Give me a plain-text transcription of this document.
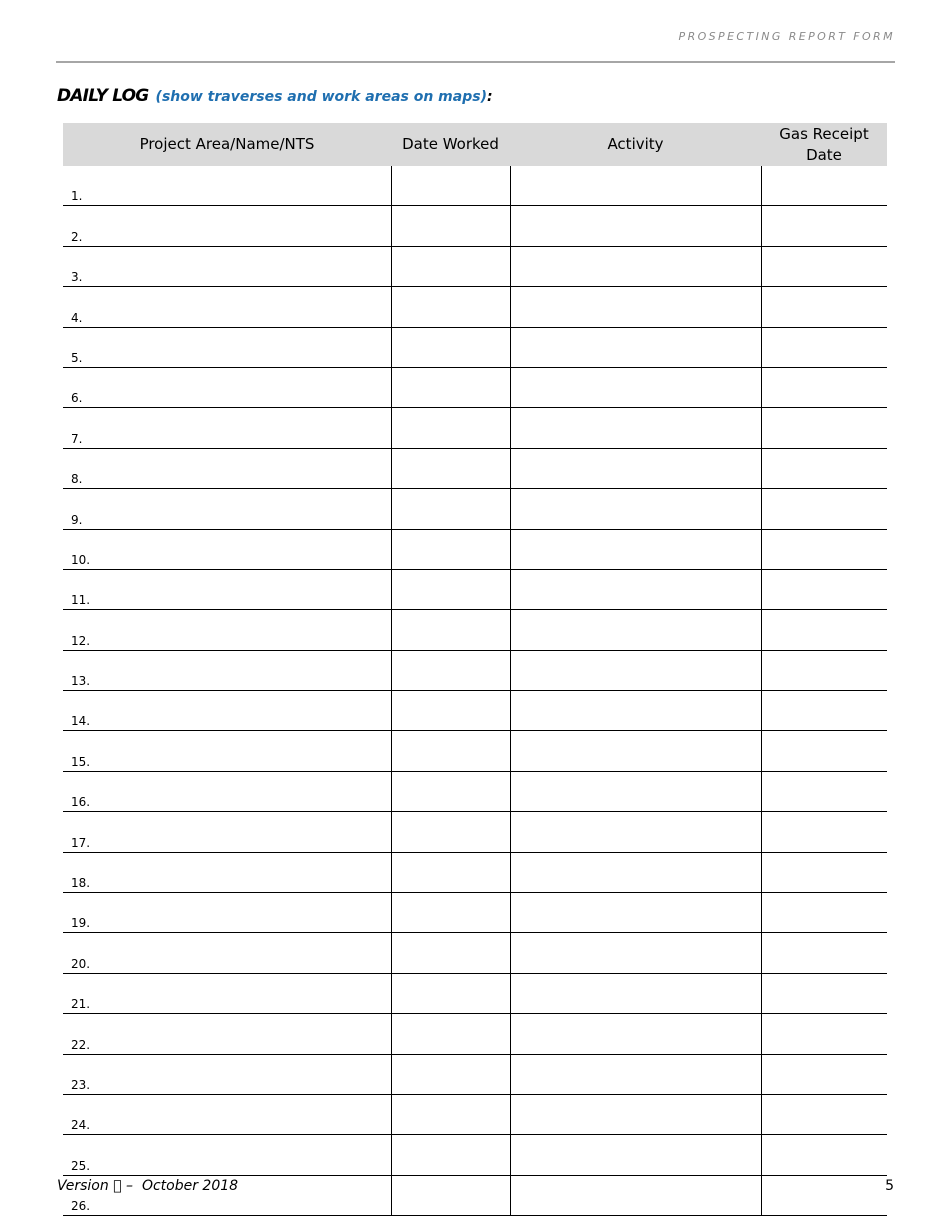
PROSPECTING REPORT FORM
DAILY LOG (show traverses and work areas on maps):
Project Area/Name/NTS	Date Worked	Activity	Gas Receipt Date
1.			
2.			
3.			
4.			
5.			
6.			
7.			
8.			
9.			
10.			
11.			
12.			
13.			
14.			
15.			
16.			
17.			
18.			
19.			
20.			
21.			
22.			
23.			
24.			
25.			
26.			
Version   –  October 2018	5
